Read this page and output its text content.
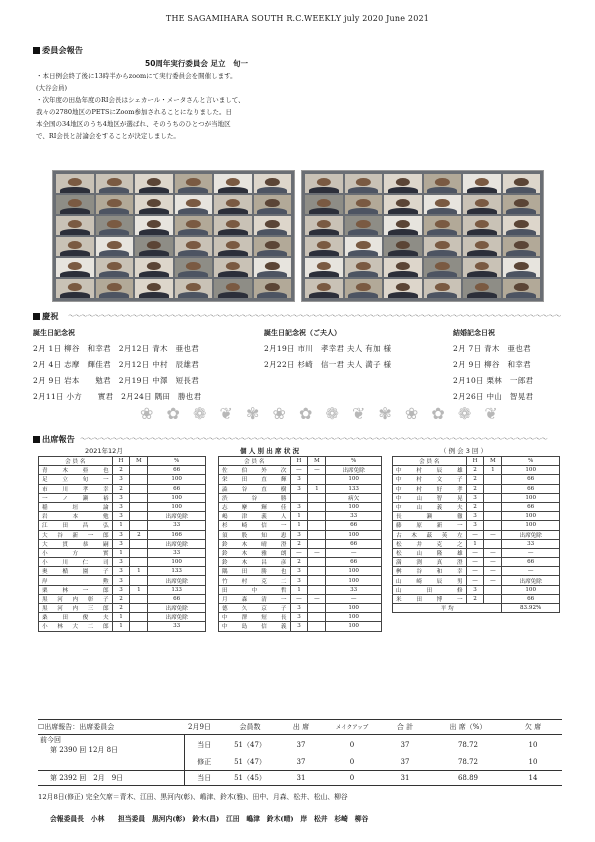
THE SAGAMIHARA SOUTH R.C.WEEKLY july 2020 June 2021
委員会報告
50周年実行委員会 足立　旬一
・本日例会終了後に13時半からzoomにて実行委員会を開催します。
(大谷会員)
・次年度の田島年度のRI会長はシェカール・メータさんと言いまして、
我々の2780地区のPETSにZoom参加されることになりました。日
本全国の34地区のうち4地区が選ばれ、そのうちのひとつが当地区
で、RI会長と討論会をすることが決定しました。
慶祝 ～～～～～～～～～～～～～～～～～～～～～～～～～～～～～～～～～～～～～～～～～～～～～～～～～～～～～～～～～～～～～～～～～～～～～～～～～～～～～
誕生日記念祝
2月 1日 柳谷　和幸君　2月12日 青木　亜也君
2月 4日 志摩　輝佳君　2月12日 中村　辰雄君
2月 9日 岩本　　勉君　2月19日 中澤　短長君
2月11日 小方　　實君　2月24日 隅田　勝也君
誕生日記念祝（ご夫人）
2月19日 市川　孝幸君 夫人 有加 様
2月22日 杉崎　信一君 夫人 満子 様
結婚記念日祝
2月 7日 青木　亜也君
2月 9日 柳谷　和幸君
2月10日 栗林　一郎君
2月26日 中山　智晃君
❀ ✿ ❁ ❦ ✾ ❀ ✿ ❁ ❦ ✾ ❀ ✿ ❁ ❦
出席報告 ～～～～～～～～～～～～～～～～～～～～～～～～～～～～～～～～～～～～～～～～～～～～～～～～～～～～～～～～～～～～～～～～～～～～～～～～～
2021年12月	個 人 別 出 席 状 況	（ 例 会 3 回 ）
会 員 名	H	M	%
青木亜也	2		66
足立旬一	3		100
市川孝幸	2		66
一ノ瀬裕	3		100
稲垣論	3		100
岩本勉	3		出席免除
江田昌弘	1		33
大谷新一郎	3	2	166
大貫恭嗣	3		出席免除
小方實	1		33
小川仁司	3		100
奥楯園子	3	1	133
岸勲	3		出席免除
栗林一郎	3	1	133
黒河内彰子	2		66
黒河内三郎	2		出席免除
桑田俊夫	1		出席免除
小林大二郎	1		33
会 員 名	H	M	%
佐伯外次	—	—	出席免除
栄田直輝	3		100
澁谷直樹	3	1	133
渋谷勝			病欠
志摩輝佳	3		100
嶋津義人	1		33
杉崎信一	1		66
須股知恵	3		100
鈴木晴澄	2		66
鈴木雅朗	—	—	—
鈴木昌彦	2		66
隅田勝也	3		100
竹村克二	3		100
田中哲	1		33
月森清一	—	—	—
德久京子	3		100
中澤短長	3		100
中島信義	3		100
会 員 名	H	M	%
中村辰雄	2	1	100
中村文子	2		66
中村好孝	2		66
中山智晃	3		100
中山義夫	2		66
長瀬徹	3		100
藤原新一	3		100
古木茲英左	—	—	出席免除
松井克之	1		33
松山隆雄	—	—	—
満渕真澄	—	—	66
桝谷和幸	—	—	—
山崎辰男	—	—	出席免除
山田修	3		100
米田博一	2		66
平 均			83.92%
☐出席報告：出席委員会	2月9日
		会員数	出 席	メイクアップ	合 計	出 席（%）	欠 席

前今回
第 2390 回 12月 8日	当日	51（47）	37	0	37	78.72	10
	修正	51（47）	37	0	37	78.72	10
第 2392 回　2月　9日	当日	51（45）	31	0	31	68.89	14
12月8日(修正) 完全欠席＝青木、江田、黒河内(彰)、嶋津、鈴木(雅)、田中、月森、松井、松山、柳谷
会報委員長　小林　　担当委員　黒河内(彰)　鈴木(昌)　江田　嶋津　鈴木(晴)　岸　松井　杉崎　柳谷
